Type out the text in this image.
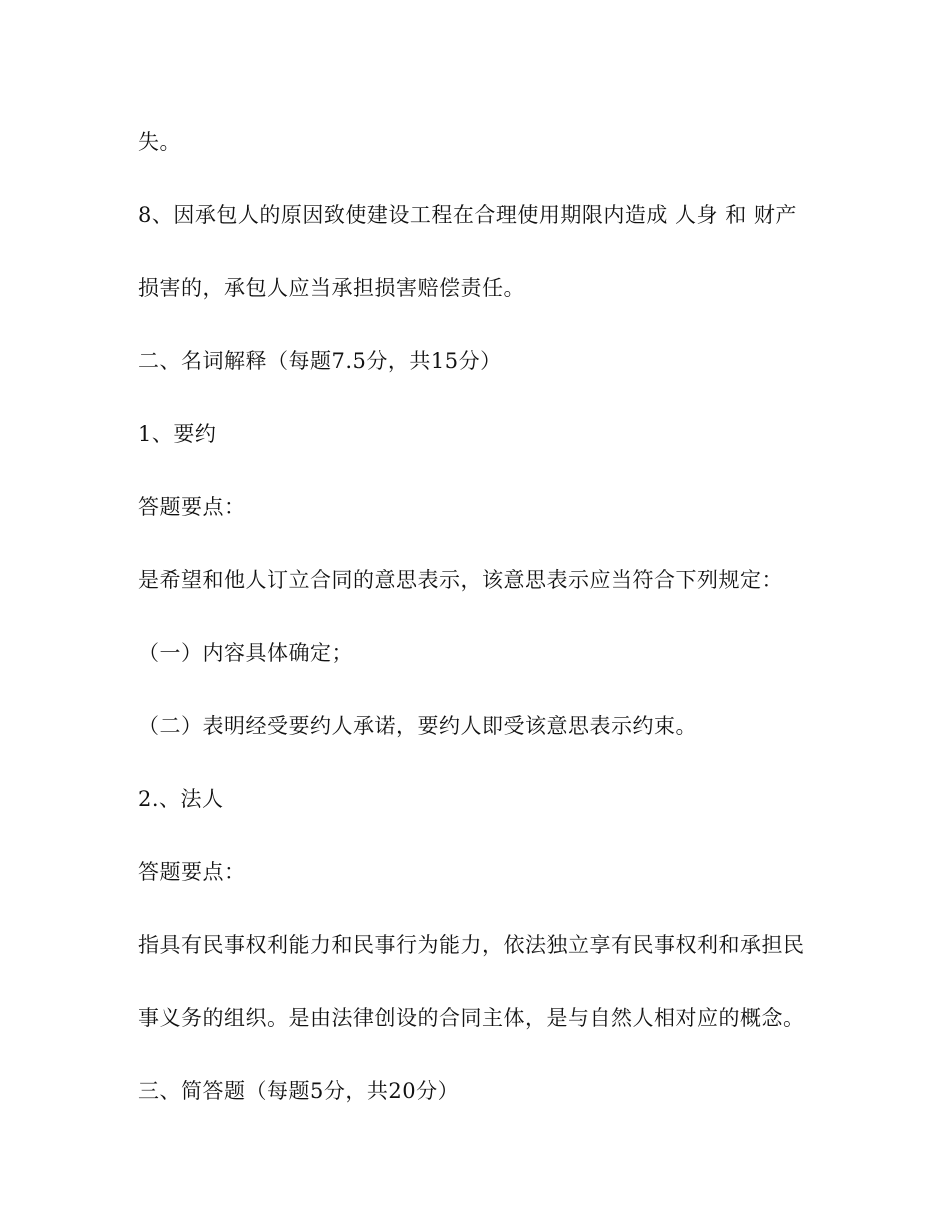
失。
8、因承包人的原因致使建设工程在合理使用期限内造成 人身 和 财产
损害的，承包人应当承担损害赔偿责任。
二、名词解释（每题7.5分，共15分）
1、要约
答题要点：
是希望和他人订立合同的意思表示，该意思表示应当符合下列规定：
（一）内容具体确定；
（二）表明经受要约人承诺，要约人即受该意思表示约束。
2.、法人
答题要点：
指具有民事权利能力和民事行为能力，依法独立享有民事权利和承担民
事义务的组织。是由法律创设的合同主体，是与自然人相对应的概念。
三、简答题（每题5分，共20分）
